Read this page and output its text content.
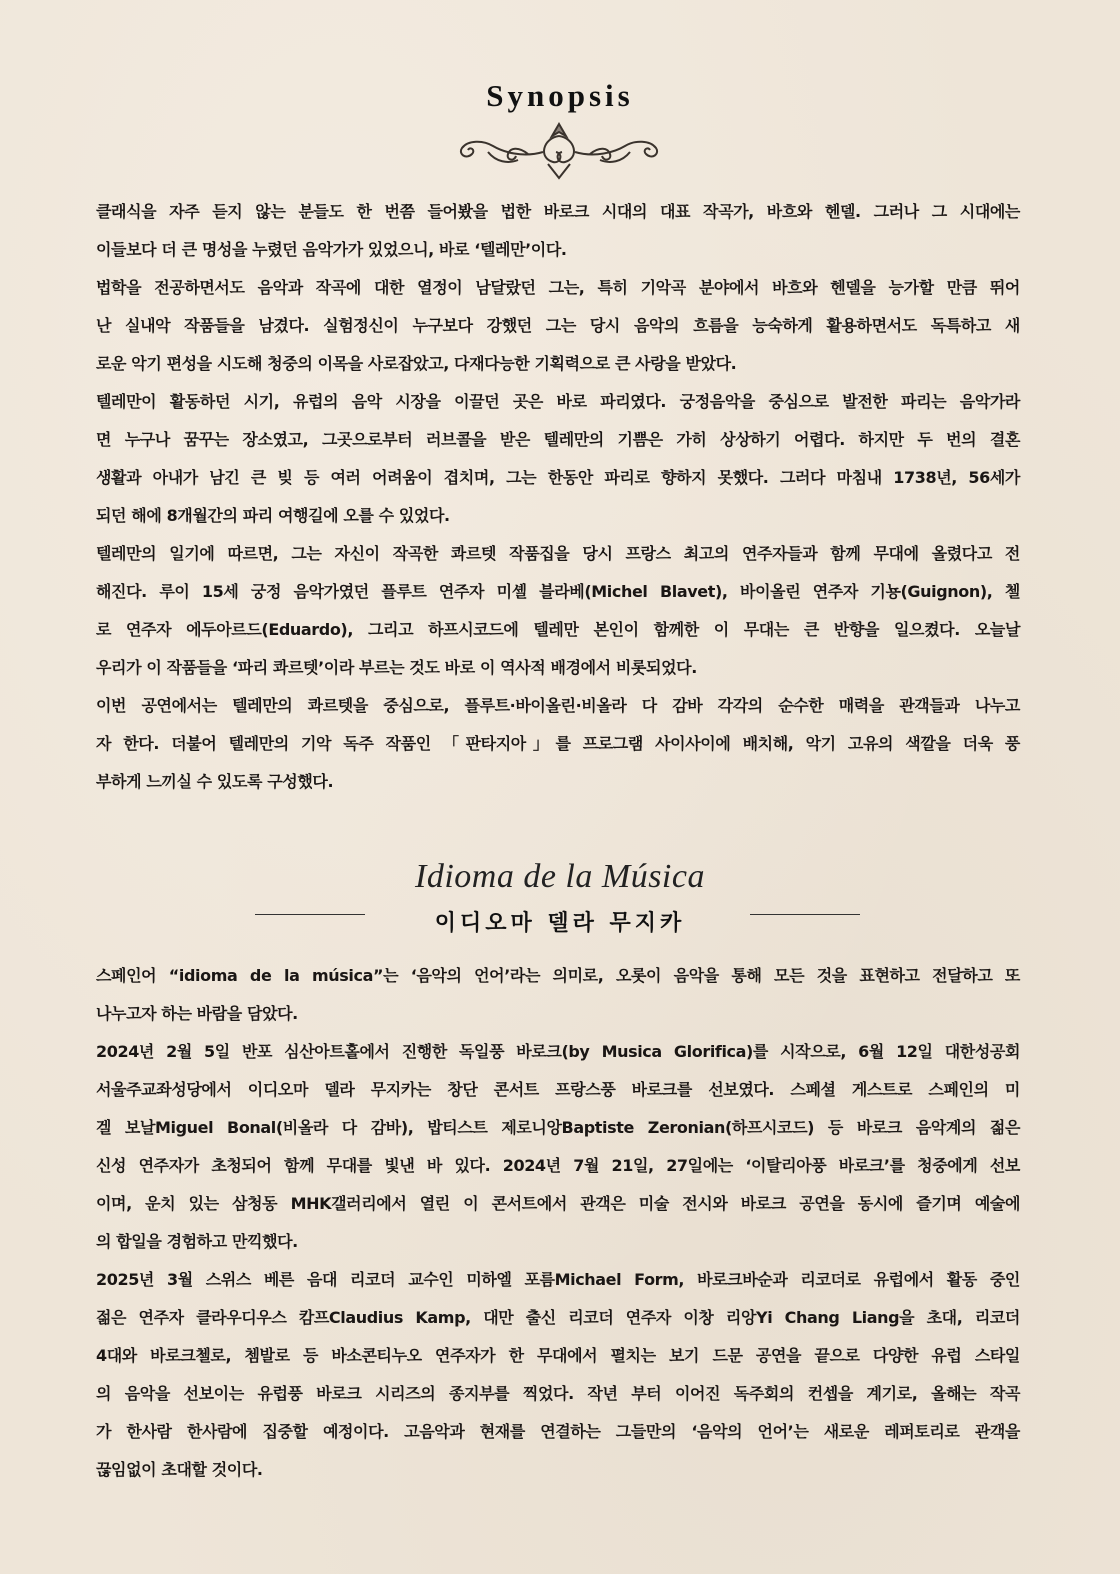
Synopsis
클래식을 자주 듣지 않는 분들도 한 번쯤 들어봤을 법한 바로크 시대의 대표 작곡가, 바흐와 헨델. 그러나 그 시대에는
이들보다 더 큰 명성을 누렸던 음악가가 있었으니, 바로 ‘텔레만’이다.
법학을 전공하면서도 음악과 작곡에 대한 열정이 남달랐던 그는, 특히 기악곡 분야에서 바흐와 헨델을 능가할 만큼 뛰어
난 실내악 작품들을 남겼다. 실험정신이 누구보다 강했던 그는 당시 음악의 흐름을 능숙하게 활용하면서도 독특하고 새
로운 악기 편성을 시도해 청중의 이목을 사로잡았고, 다재다능한 기획력으로 큰 사랑을 받았다.
텔레만이 활동하던 시기, 유럽의 음악 시장을 이끌던 곳은 바로 파리였다. 궁정음악을 중심으로 발전한 파리는 음악가라
면 누구나 꿈꾸는 장소였고, 그곳으로부터 러브콜을 받은 텔레만의 기쁨은 가히 상상하기 어렵다. 하지만 두 번의 결혼
생활과 아내가 남긴 큰 빚 등 여러 어려움이 겹치며, 그는 한동안 파리로 향하지 못했다. 그러다 마침내 1738년, 56세가
되던 해에 8개월간의 파리 여행길에 오를 수 있었다.
텔레만의 일기에 따르면, 그는 자신이 작곡한 콰르텟 작품집을 당시 프랑스 최고의 연주자들과 함께 무대에 올렸다고 전
해진다. 루이 15세 궁정 음악가였던 플루트 연주자 미셸 블라베(Michel Blavet), 바이올린 연주자 기뇽(Guignon), 첼
로 연주자 에두아르드(Eduardo), 그리고 하프시코드에 텔레만 본인이 함께한 이 무대는 큰 반향을 일으켰다. 오늘날
우리가 이 작품들을 ‘파리 콰르텟’이라 부르는 것도 바로 이 역사적 배경에서 비롯되었다.
이번 공연에서는 텔레만의 콰르텟을 중심으로, 플루트·바이올린·비올라 다 감바 각각의 순수한 매력을 관객들과 나누고
자 한다. 더불어 텔레만의 기악 독주 작품인 「판타지아」를 프로그램 사이사이에 배치해, 악기 고유의 색깔을 더욱 풍
부하게 느끼실 수 있도록 구성했다.
Idioma de la Música
이디오마 델라 무지카
스페인어 “idioma de la música”는 ‘음악의 언어’라는 의미로, 오롯이 음악을 통해 모든 것을 표현하고 전달하고 또
나누고자 하는 바람을 담았다.
2024년 2월 5일 반포 심산아트홀에서 진행한 독일풍 바로크(by Musica Glorifica)를 시작으로, 6월 12일 대한성공회
서울주교좌성당에서 이디오마 델라 무지카는 창단 콘서트 프랑스풍 바로크를 선보였다. 스페셜 게스트로 스페인의 미
겔 보날Miguel Bonal(비올라 다 감바), 밥티스트 제로니앙Baptiste Zeronian(하프시코드) 등 바로크 음악계의 젊은
신성 연주자가 초청되어 함께 무대를 빛낸 바 있다. 2024년 7월 21일, 27일에는 ‘이탈리아풍 바로크’를 청중에게 선보
이며, 운치 있는 삼청동 MHK갤러리에서 열린 이 콘서트에서 관객은 미술 전시와 바로크 공연을 동시에 즐기며 예술에
의 합일을 경험하고 만끽했다.
2025년 3월 스위스 베른 음대 리코더 교수인 미하엘 포름Michael Form, 바로크바순과 리코더로 유럽에서 활동 중인
젊은 연주자 클라우디우스 캄프Claudius Kamp, 대만 출신 리코더 연주자 이창 리앙Yi Chang Liang을 초대, 리코더
4대와 바로크첼로, 쳄발로 등 바소콘티누오 연주자가 한 무대에서 펼치는 보기 드문 공연을 끝으로 다양한 유럽 스타일
의 음악을 선보이는 유럽풍 바로크 시리즈의 종지부를 찍었다. 작년 부터 이어진 독주회의 컨셉을 계기로, 올해는 작곡
가 한사람 한사람에 집중할 예정이다. 고음악과 현재를 연결하는 그들만의 ‘음악의 언어’는 새로운 레퍼토리로 관객을
끊임없이 초대할 것이다.
